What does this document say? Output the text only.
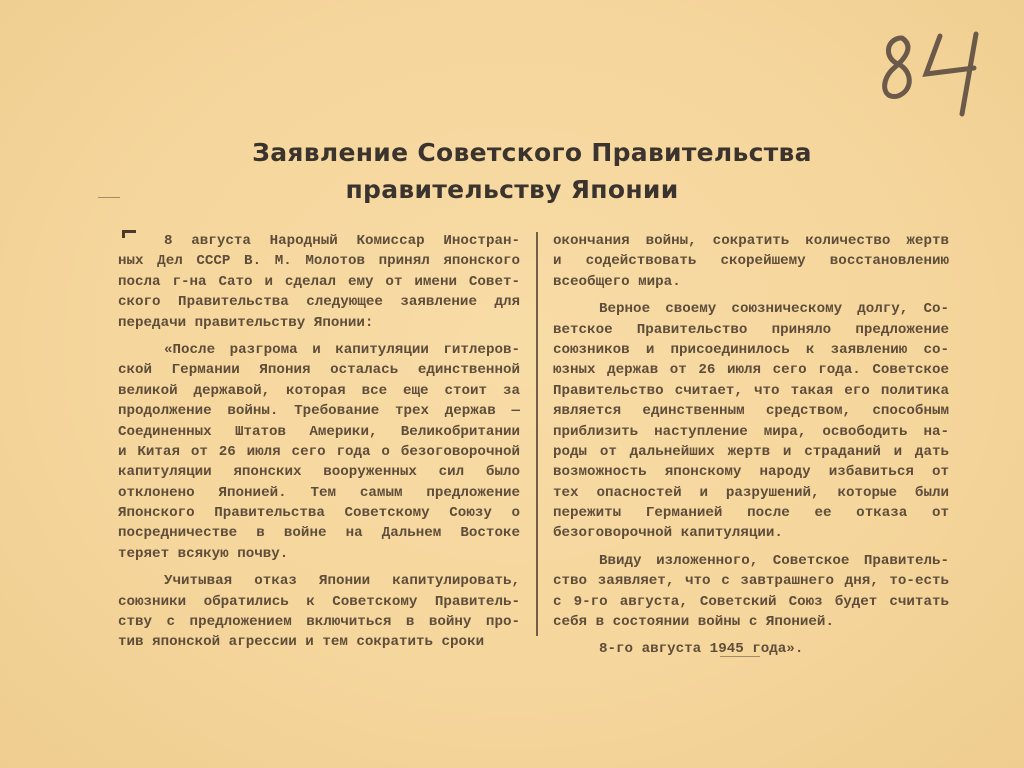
Заявление Советского Правительства
правительству Японии
8 августа Народный Комиссар Иностран-
ных Дел СССР В. М. Молотов принял японского
посла г-на Сато и сделал ему от имени Совет-
ского Правительства следующее заявление для
передачи правительству Японии:
«После разгрома и капитуляции гитлеров-
ской Германии Япония осталась единственной
великой державой, которая все еще стоит за
продолжение войны. Требование трех держав —
Соединенных Штатов Америки, Великобритании
и Китая от 26 июля сего года о безоговорочной
капитуляции японских вооруженных сил было
отклонено Японией. Тем самым предложение
Японского Правительства Советскому Союзу о
посредничестве в войне на Дальнем Востоке
теряет всякую почву.
Учитывая отказ Японии капитулировать,
союзники обратились к Советскому Правитель-
ству с предложением включиться в войну про-
тив японской агрессии и тем сократить сроки
окончания войны, сократить количество жертв
и содействовать скорейшему восстановлению
всеобщего мира.
Верное своему союзническому долгу, Со-
ветское Правительство приняло предложение
союзников и присоединилось к заявлению со-
юзных держав от 26 июля сего года. Советское
Правительство считает, что такая его политика
является единственным средством, способным
приблизить наступление мира, освободить на-
роды от дальнейших жертв и страданий и дать
возможность японскому народу избавиться от
тех опасностей и разрушений, которые были
пережиты Германией после ее отказа от
безоговорочной капитуляции.
Ввиду изложенного, Советское Правитель-
ство заявляет, что с завтрашнего дня, то-есть
с 9-го августа, Советский Союз будет считать
себя в состоянии войны с Японией.
8-го августа 1945 года».
